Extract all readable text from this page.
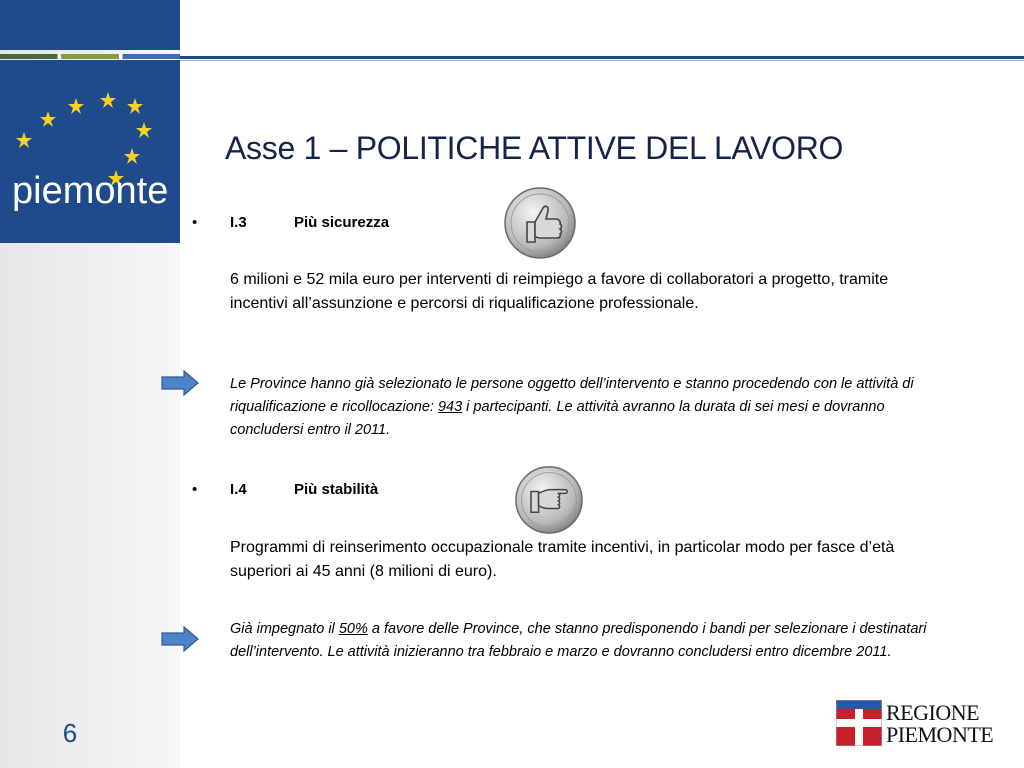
piemonte
6
Asse 1 – POLITICHE ATTIVE DEL LAVORO
• I.3	Più sicurezza
6 milioni e 52 mila euro per interventi di reimpiego a favore di collaboratori a progetto, tramite incentivi all’assunzione e percorsi di riqualificazione professionale.
Le Province hanno già selezionato le persone oggetto dell’intervento e stanno procedendo con le attività di riqualificazione e ricollocazione: 943 i partecipanti. Le attività avranno la durata di sei mesi e dovranno concludersi entro il 2011.
• I.4	Più stabilità
Programmi di reinserimento occupazionale tramite incentivi, in particolar modo per fasce d’età superiori ai 45 anni (8 milioni di euro).
Già impegnato il 50% a favore delle Province, che stanno predisponendo i bandi per selezionare i destinatari dell’intervento. Le attività inizieranno tra febbraio e marzo e dovranno concludersi entro dicembre 2011.
REGIONE
PIEMONTE
